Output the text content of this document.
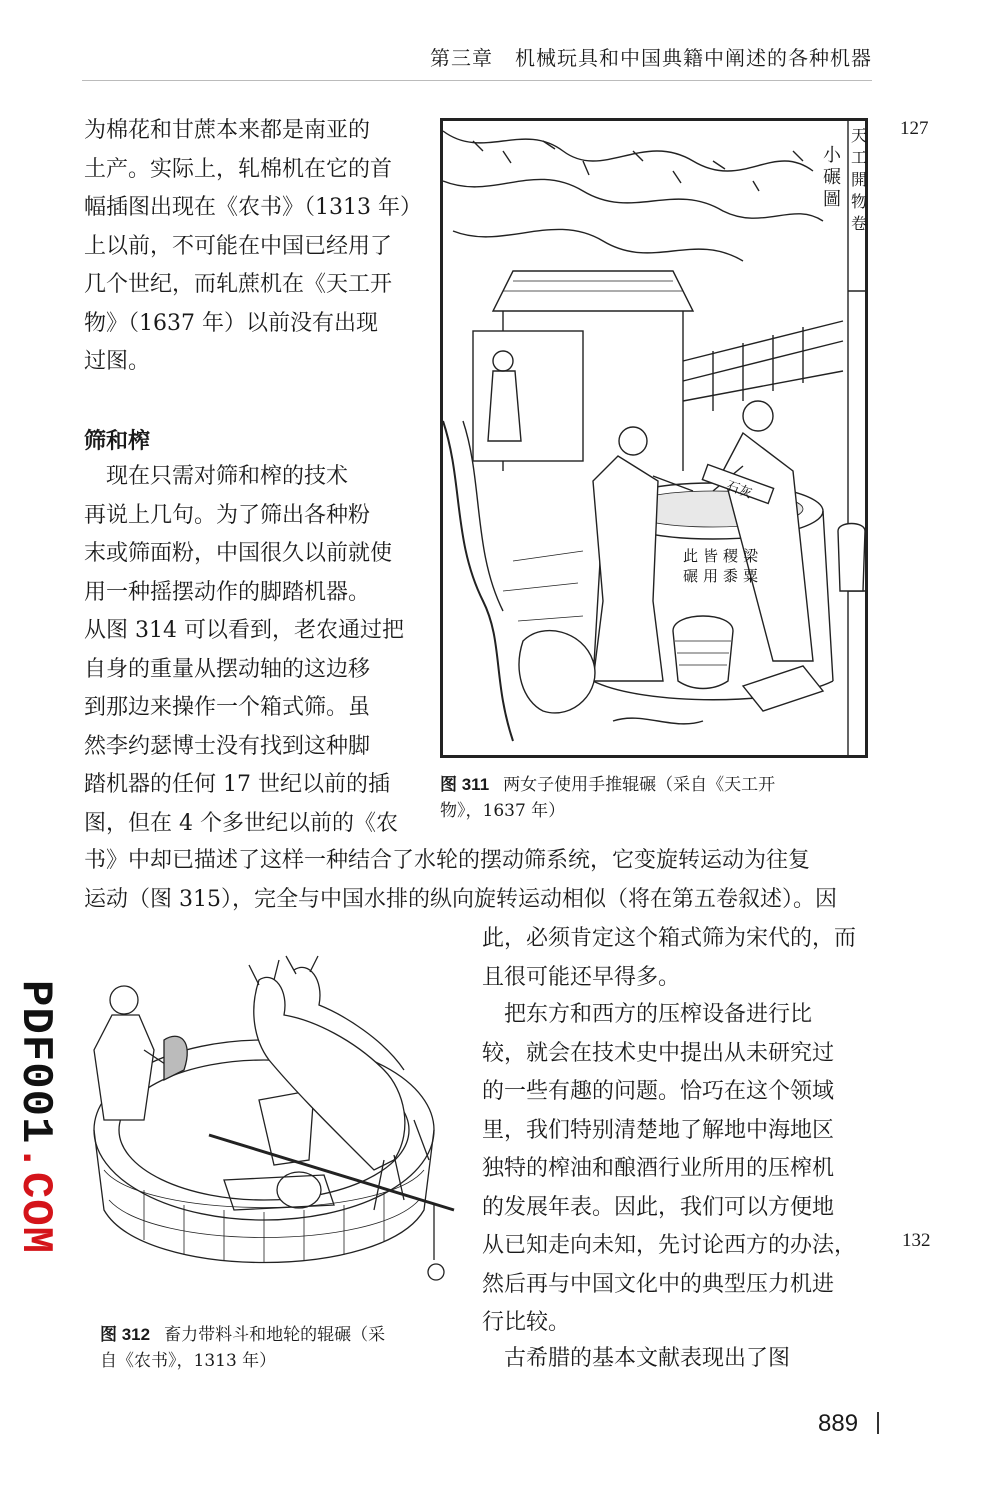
第三章 机械玩具和中国典籍中阐述的各种机器
127
132
为棉花和甘蔗本来都是南亚的
土产。实际上，轧棉机在它的首
幅插图出现在《农书》（1313 年）
上以前，不可能在中国已经用了
几个世纪，而轧蔗机在《天工开
物》（1637 年）以前没有出现
过图。
筛和榨
　现在只需对筛和榨的技术
再说上几句。为了筛出各种粉
末或筛面粉，中国很久以前就使
用一种摇摆动作的脚踏机器。
从图 314 可以看到，老农通过把
自身的重量从摆动轴的这边移
到那边来操作一个箱式筛。虽
然李约瑟博士没有找到这种脚
踏机器的任何 17 世纪以前的插
图，但在 4 个多世纪以前的《农
书》中却已描述了这样一种结合了水轮的摆动筛系统，它变旋转运动为往复
运动（图 315），完全与中国水排的纵向旋转运动相似（将在第五卷叙述）。因
此，必须肯定这个箱式筛为宋代的，而
且很可能还早得多。
　把东方和西方的压榨设备进行比
较，就会在技术史中提出从未研究过
的一些有趣的问题。恰巧在这个领域
里，我们特别清楚地了解地中海地区
独特的榨油和酿酒行业所用的压榨机
的发展年表。因此，我们可以方便地
从已知走向未知，先讨论西方的办法，
然后再与中国文化中的典型压力机进
行比较。
　古希腊的基本文献表现出了图
小碾圖
天工開物卷
梁粟 稷黍 皆用 此碾
石灰
图 311 两女子使用手推辊碾（采自《天工开
物》，1637 年）
图 312 畜力带料斗和地轮的辊碾（采
自《农书》，1313 年）
PDF001.COM
889
